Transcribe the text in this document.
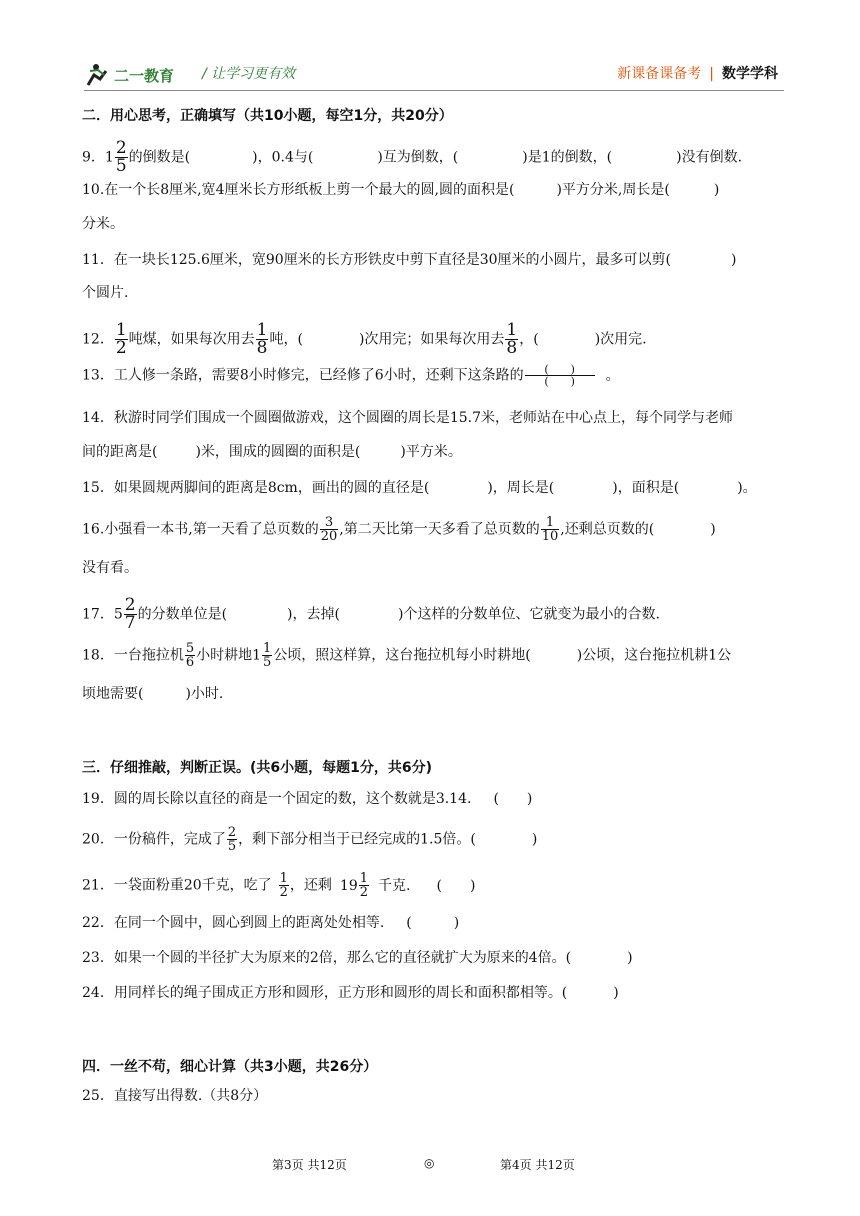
二一教育 / 让学习更有效	新课备课备考 | 数学学科
二．用心思考，正确填写（共10小题，每空1分，共20分）
9．$1 \frac{2}{5}$ 的倒数是(	)，0.4与(	)互为倒数，(	)是1的倒数，(	)没有倒数.
10.在一个长8厘米,宽4厘米长方形纸板上剪一个最大的圆,圆的面积是(	)平方分米,周长是(	)
分米。
11．在一块长125.6厘米，宽90厘米的长方形铁皮中剪下直径是30厘米的小圆片，最多可以剪(	)
个圆片.
12． $\frac{1}{2}$ 吨煤，如果每次用去 $\frac{1}{8}$ 吨，(	)次用完；如果每次用去 $\frac{1}{8}$ ，(	)次用完.
13．工人修一条路，需要8小时修完，已经修了6小时，还剩下这条路的 $\frac{( )}{( )}$ 。
14．秋游时同学们围成一个圆圈做游戏，这个圆圈的周长是15.7米，老师站在中心点上，每个同学与老师
间的距离是(	)米，围成的圆圈的面积是(	)平方米。
15．如果圆规两脚间的距离是8cm，画出的圆的直径是(	)，周长是(	)，面积是(	)。
16.小强看一本书,第一天看了总页数的 $\frac{3}{20}$ ,第二天比第一天多看了总页数的 $\frac{1}{10}$ ,还剩总页数的(	)
没有看。
17．$5 \frac{2}{7}$ 的分数单位是(	)，去掉(	)个这样的分数单位、它就变为最小的合数.
18．一台拖拉机 $\frac{5}{6}$ 小时耕地$1 \frac{1}{5}$ 公顷，照这样算，这台拖拉机每小时耕地(	)公顷，这台拖拉机耕1公
顷地需要(	)小时.
三．仔细推敲，判断正误。(共6小题，每题1分，共6分)
19．圆的周长除以直径的商是一个固定的数，这个数就是3.14. (　　)
20．一份稿件，完成了 $\frac{2}{5}$ ，剩下部分相当于已经完成的1.5倍。(	)
21．一袋面粉重20千克，吃了 $\frac{1}{2}$ ，还剩 $19 \frac{1}{2}$ 千克. (　　)
22．在同一个圆中，圆心到圆上的距离处处相等. (　　　)
23．如果一个圆的半径扩大为原来的2倍，那么它的直径就扩大为原来的4倍。(	)
24．用同样长的绳子围成正方形和圆形，正方形和圆形的周长和面积都相等。(	)
四．一丝不苟，细心计算（共3小题，共26分）
25．直接写出得数.（共8分）
第3页 共12页	◎	第4页 共12页
